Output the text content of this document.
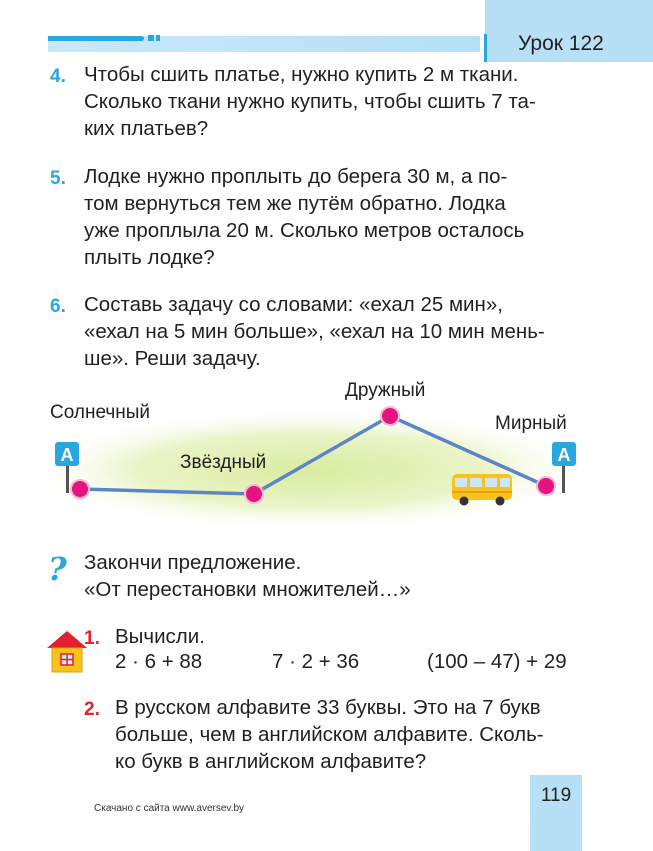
Урок 122
4. Чтобы сшить платье, нужно купить 2 м ткани.
Сколько ткани нужно купить, чтобы сшить 7 та-
ких платьев?
5. Лодке нужно проплыть до берега 30 м, а по-
том вернуться тем же путём обратно. Лодка
уже проплыла 20 м. Сколько метров осталось
плыть лодке?
6. Составь задачу со словами: «ехал 25 мин»,
«ехал на 5 мин больше», «ехал на 10 мин мень-
ше». Реши задачу.
А	А
Солнечный
Звёздный
Дружный
Мирный
? Закончи предложение.
«От перестановки множителей…»
1. Вычисли.
2 · 6 + 88	7 · 2 + 36	(100 – 47) + 29
2. В русском алфавите 33 буквы. Это на 7 букв
больше, чем в английском алфавите. Сколь-
ко букв в английском алфавите?
119
Скачано с сайта www.aversev.by
